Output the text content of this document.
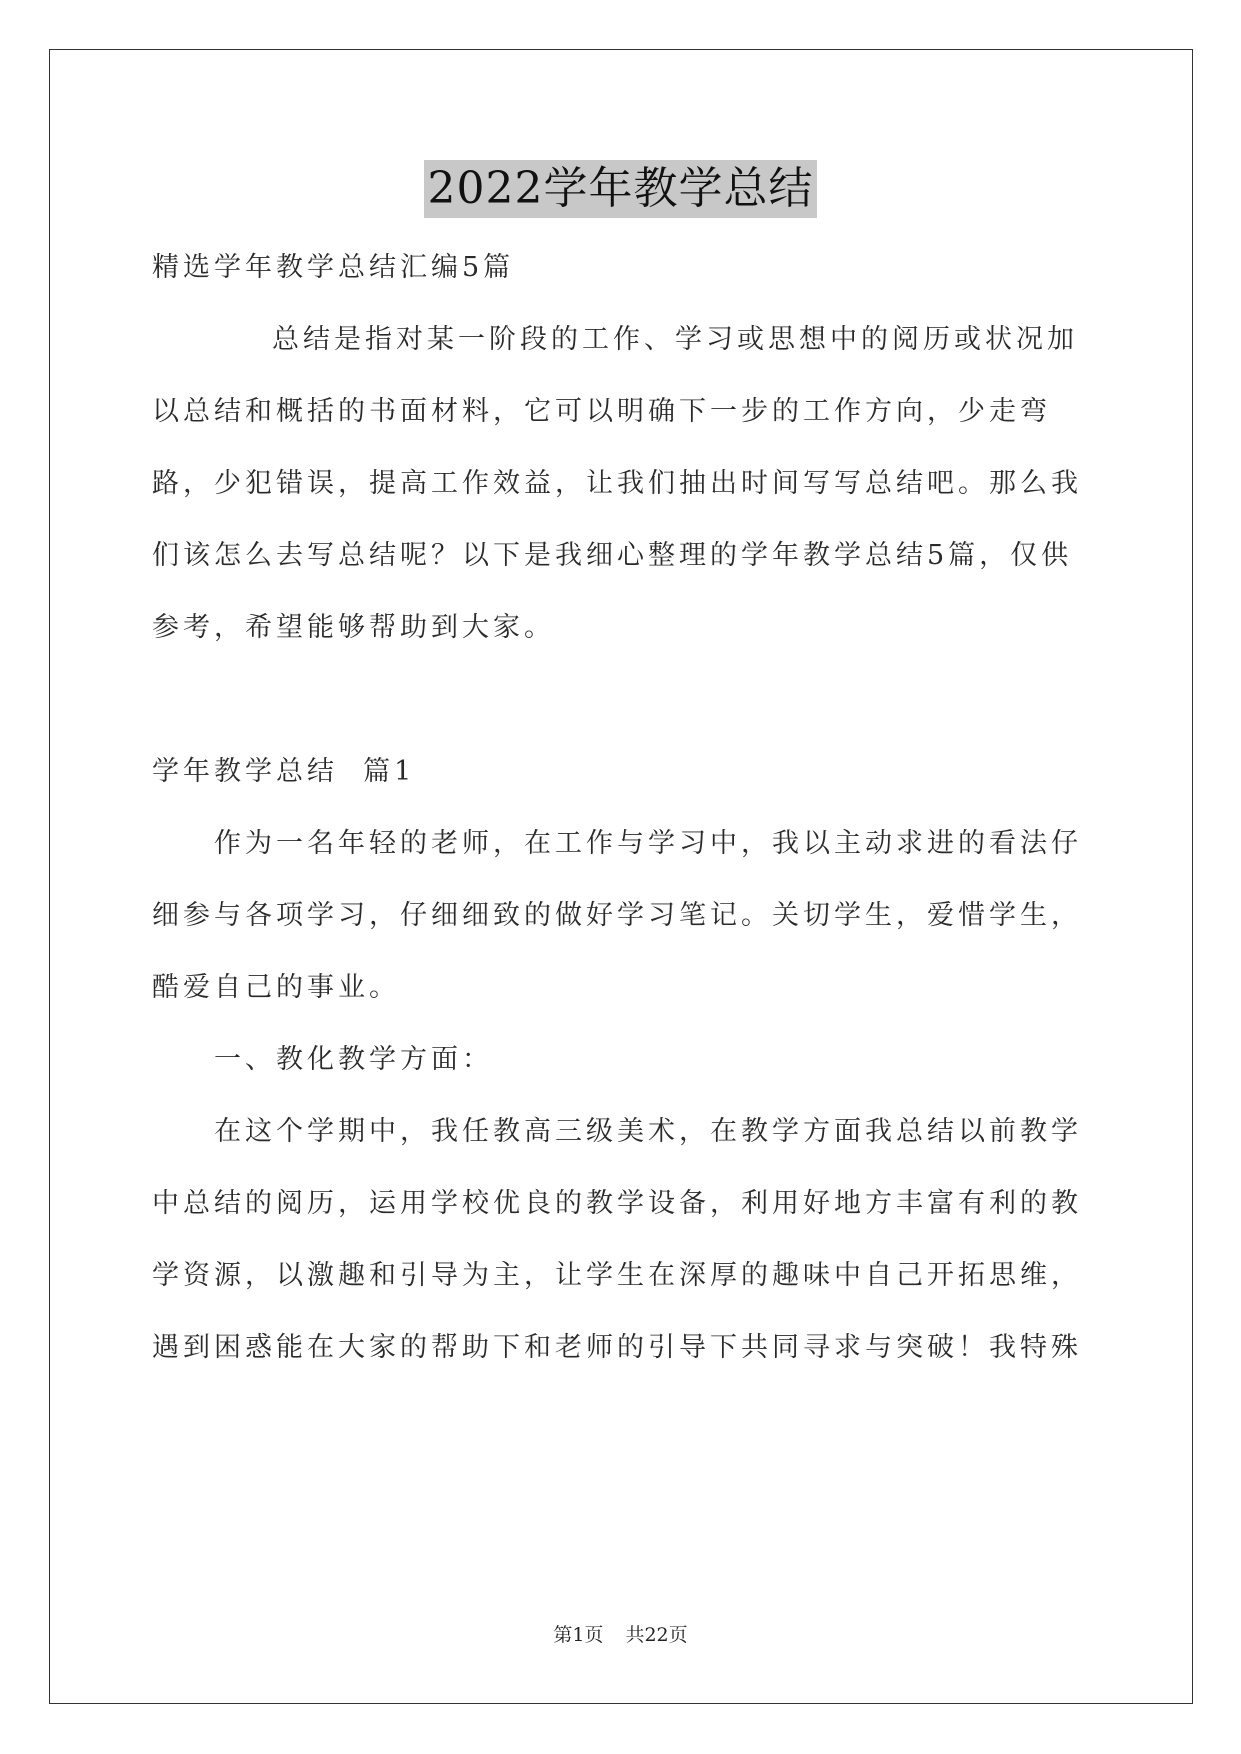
2022学年教学总结

精选学年教学总结汇编5篇

总结是指对某一阶段的工作、学习或思想中的阅历或状况加以总结和概括的书面材料，它可以明确下一步的工作方向，少走弯路，少犯错误，提高工作效益，让我们抽出时间写写总结吧。那么我们该怎么去写总结呢？以下是我细心整理的学年教学总结5篇，仅供参考，希望能够帮助到大家。

学年教学总结  篇1

作为一名年轻的老师，在工作与学习中，我以主动求进的看法仔细参与各项学习，仔细细致的做好学习笔记。关切学生，爱惜学生，酷爱自己的事业。

一、教化教学方面：

在这个学期中，我任教高三级美术，在教学方面我总结以前教学中总结的阅历，运用学校优良的教学设备，利用好地方丰富有利的教学资源，以激趣和引导为主，让学生在深厚的趣味中自己开拓思维，遇到困惑能在大家的帮助下和老师的引导下共同寻求与突破！我特殊

第1页 共22页
